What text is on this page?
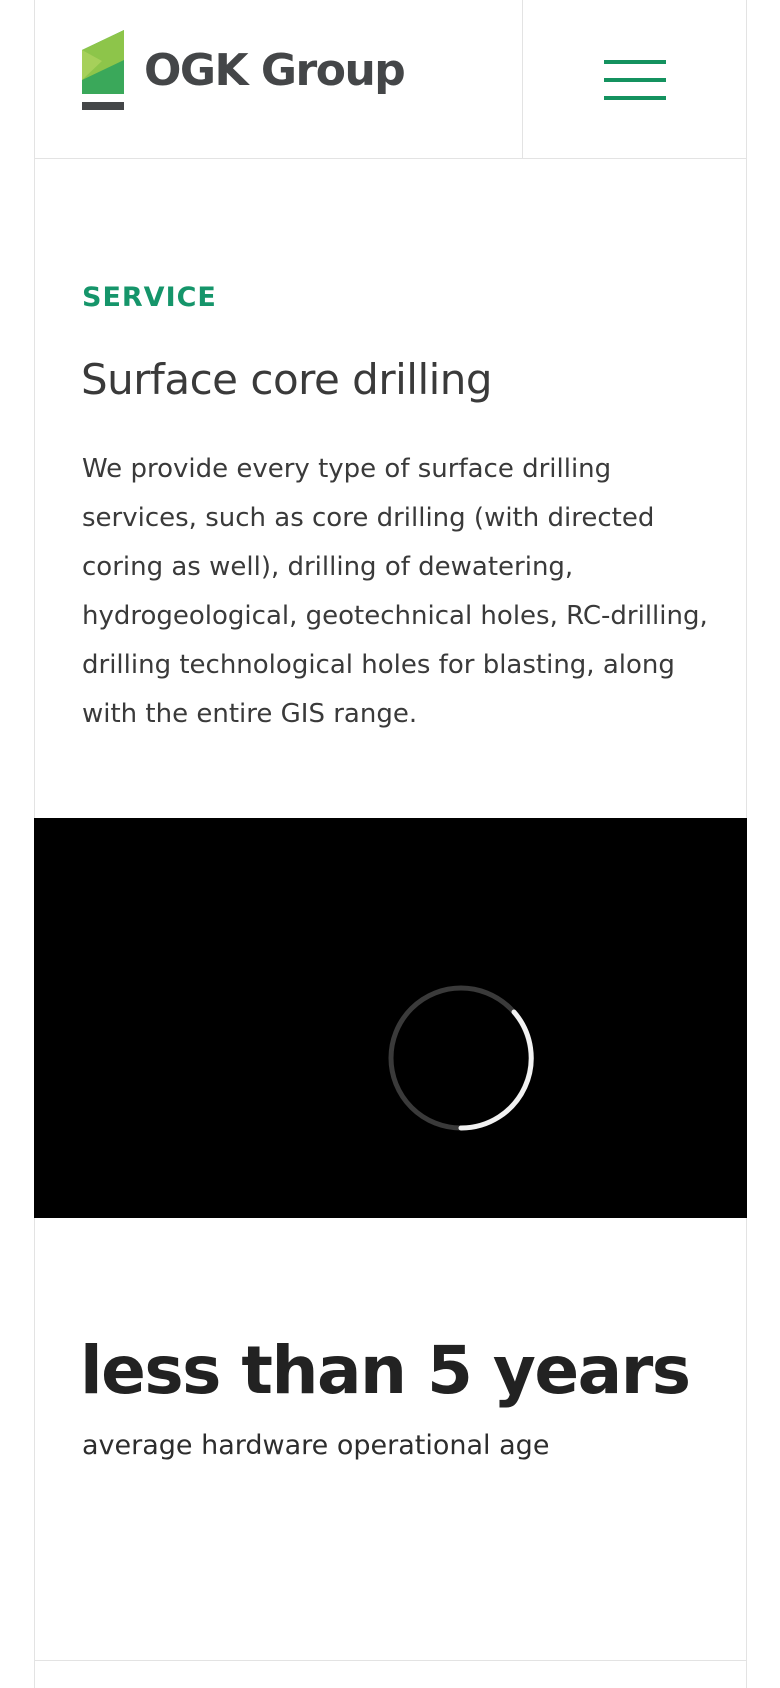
OGK Group
SERVICE
Surface core drilling

We provide every type of surface drilling services, such as core drilling (with directed coring as well), drilling of dewatering, hydrogeological, geotechnical holes, RC-drilling, drilling technological holes for blasting, along with the entire GIS range.

less than 5 years
average hardware operational age
